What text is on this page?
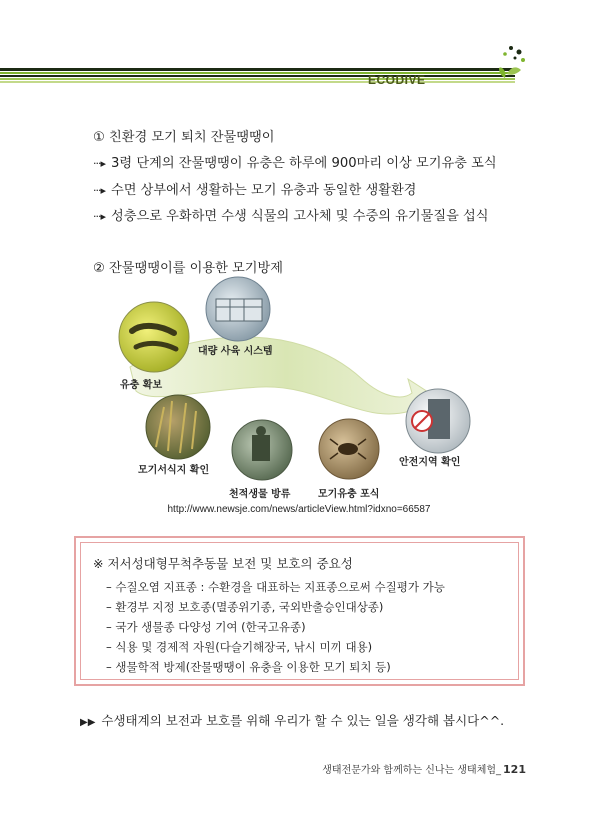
ECODIVE
① 친환경 모기 퇴치 잔물땡땡이
···▸ 3령 단계의 잔물땡땡이 유충은 하루에 900마리 이상 모기유충 포식
···▸ 수면 상부에서 생활하는 모기 유충과 동일한 생활환경
···▸ 성충으로 우화하면 수생 식물의 고사체 및 수중의 유기물질을 섭식
② 잔물땡땡이를 이용한 모기방제
대량 사육 시스템
유충 확보
모기서식지 확인
천적생물 방류	모기유충 포식
안전지역 확인
http://www.newsje.com/news/articleView.html?idxno=66587
※ 저서성대형무척추동물 보전 및 보호의 중요성
– 수질오염 지표종 : 수환경을 대표하는 지표종으로써 수질평가 가능
– 환경부 지정 보호종(멸종위기종, 국외반출승인대상종)
– 국가 생물종 다양성 기여 (한국고유종)
– 식용 및 경제적 자원(다슬기해장국, 낚시 미끼 대용)
– 생물학적 방제(잔물땡땡이 유충을 이용한 모기 퇴치 등)
▶▶ 수생태계의 보전과 보호를 위해 우리가 할 수 있는 일을 생각해 봅시다^^.
생태전문가와 함께하는 신나는 생태체험_ 121
